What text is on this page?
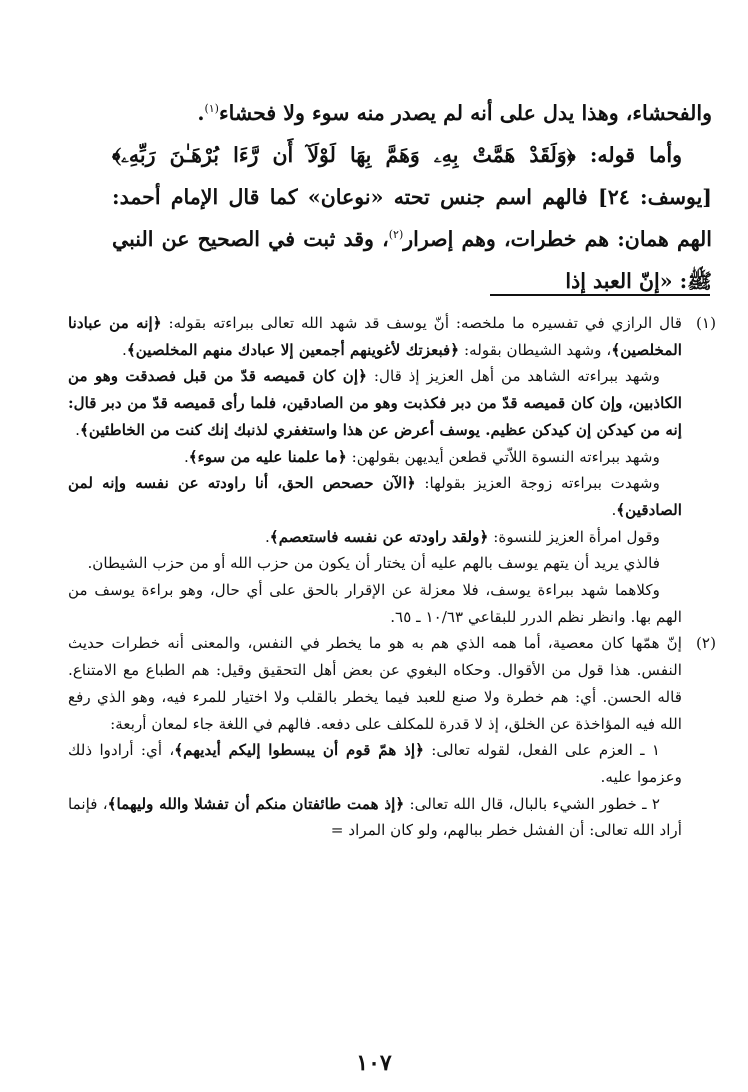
والفحشاء، وهذا يدل على أنه لم يصدر منه سوء ولا فحشاء$^{(١)}$.

وأما قوله: ﴿وَلَقَدْ هَمَّتْ بِهِۦ وَهَمَّ بِهَا لَوْلَآ أَن رَّءَا بُرْهَـٰنَ رَبِّهِۦ﴾ [يوسف: ٢٤] فالهم اسم جنس تحته «نوعان» كما قال الإمام أحمد: الهم همان: هم خطرات، وهم إصرار$^{(٢)}$، وقد ثبت في الصحيح عن النبي ﷺ: «إنّ العبد إذا

(١)

قال الرازي في تفسيره ما ملخصه: أنّ يوسف قد شهد الله تعالى ببراءته بقوله: ﴿إنه من عبادنا المخلصين﴾، وشهد الشيطان بقوله: ﴿فبعزتك لأغوينهم أجمعين إلا عبادك منهم المخلصين﴾.

وشهد ببراءته الشاهد من أهل العزيز إذ قال: ﴿إن كان قميصه قدّ من قبل فصدقت وهو من الكاذبين، وإن كان قميصه قدّ من دبر فكذبت وهو من الصادقين، فلما رأى قميصه قدّ من دبر قال: إنه من كيدكن إن كيدكن عظيم. يوسف أعرض عن هذا واستغفري لذنبك إنك كنت من الخاطئين﴾.

وشهد ببراءته النسوة اللاّتي قطعن أيديهن بقولهن: ﴿ما علمنا عليه من سوء﴾.

وشهدت ببراءته زوجة العزيز بقولها: ﴿الآن حصحص الحق، أنا راودته عن نفسه وإنه لمن الصادقين﴾.

وقول امرأة العزيز للنسوة: ﴿ولقد راودته عن نفسه فاستعصم﴾.

فالذي يريد أن يتهم يوسف بالهم عليه أن يختار أن يكون من حزب الله أو من حزب الشيطان.

وكلاهما شهد ببراءة يوسف، فلا معزلة عن الإقرار بالحق على أي حال، وهو براءة يوسف من الهم بها. وانظر نظم الدرر للبقاعي ١٠/٦٣ ـ ٦٥.

(٢)

إنّ همّها كان معصية، أما همه الذي هم به هو ما يخطر في النفس، والمعنى أنه خطرات حديث النفس. هذا قول من الأقوال. وحكاه البغوي عن بعض أهل التحقيق وقيل: هم الطباع مع الامتناع. قاله الحسن. أي: هم خطرة ولا صنع للعبد فيما يخطر بالقلب ولا اختيار للمرء فيه، وهو الذي رفع الله فيه المؤاخذة عن الخلق، إذ لا قدرة للمكلف على دفعه. فالهم في اللغة جاء لمعان أربعة:

١ ـ العزم على الفعل، لقوله تعالى: ﴿إذ همّ قوم أن يبسطوا إليكم أيديهم﴾، أي: أرادوا ذلك وعزموا عليه.

٢ ـ خطور الشيء بالبال، قال الله تعالى: ﴿إذ همت طائفتان منكم أن تفشلا والله وليهما﴾، فإنما أراد الله تعالى: أن الفشل خطر ببالهم، ولو كان المراد =

١٠٧
